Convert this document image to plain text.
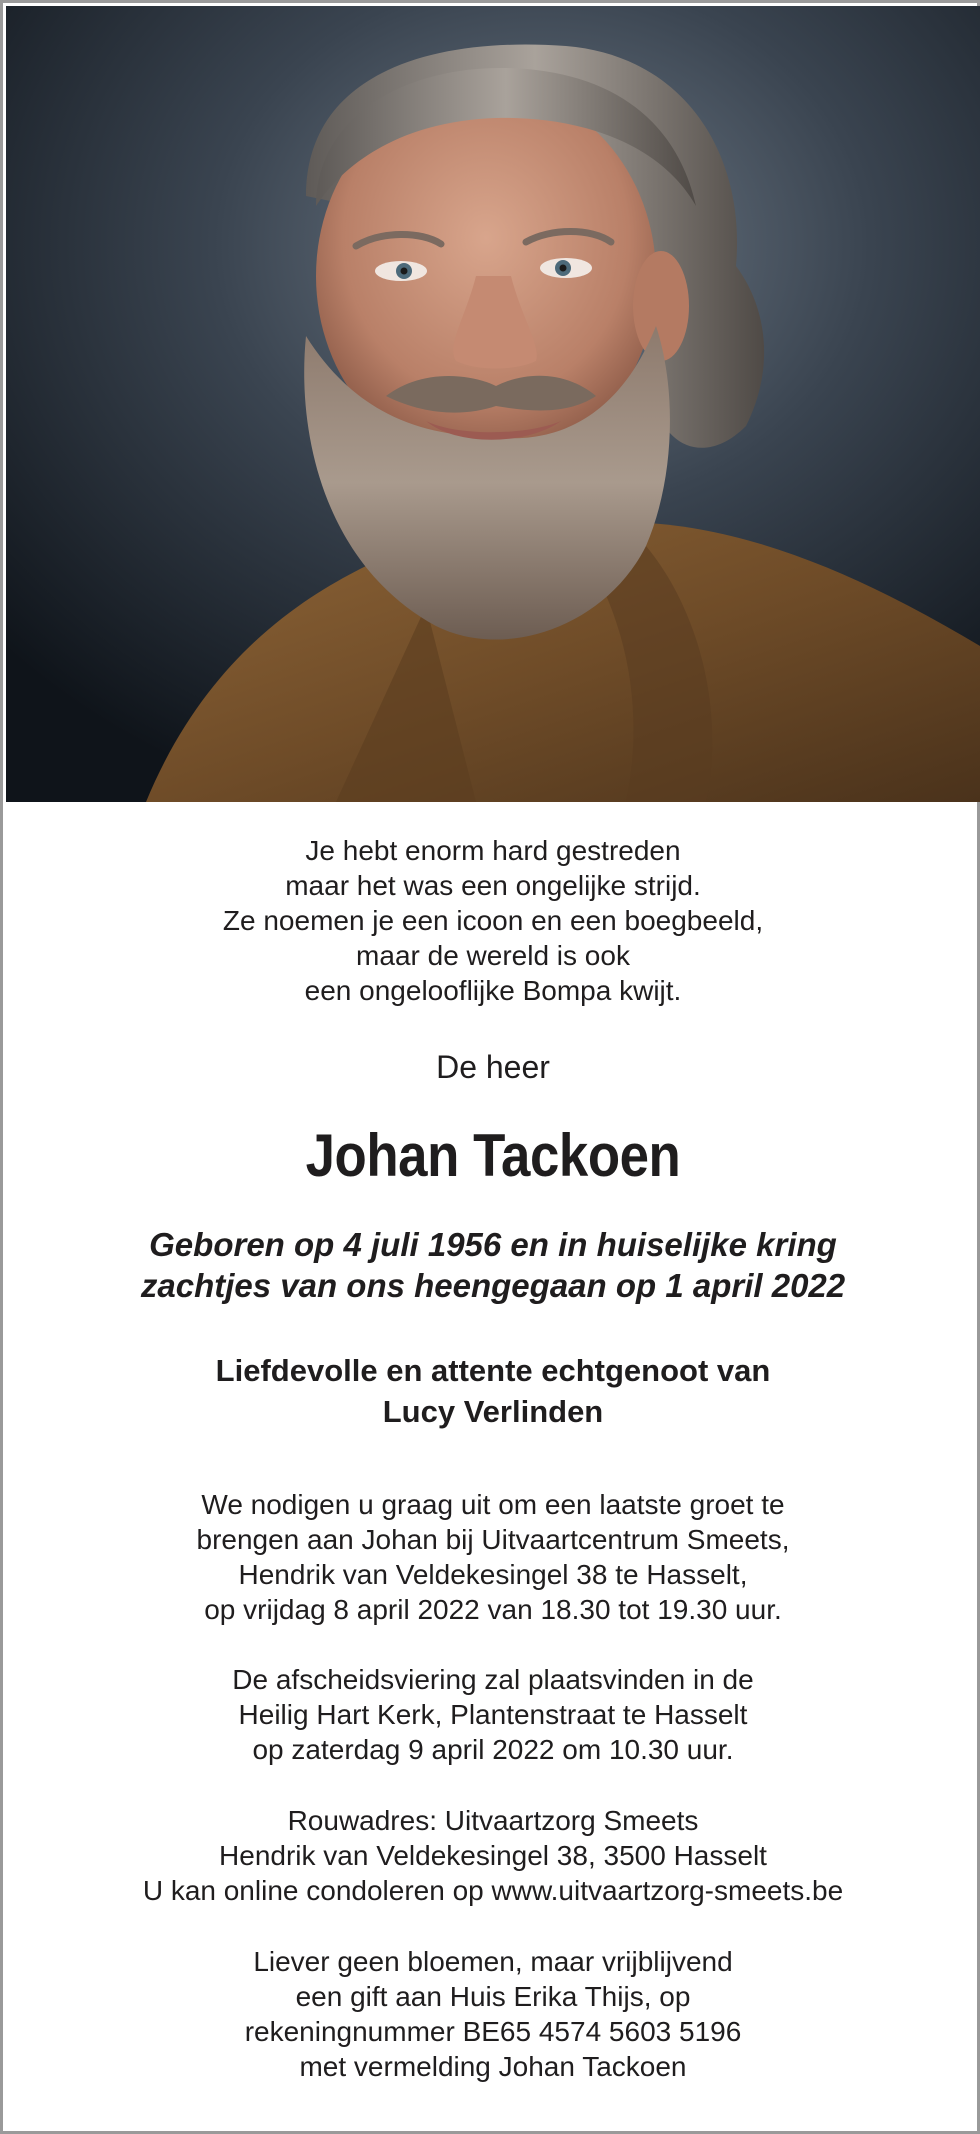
Je hebt enorm hard gestreden
maar het was een ongelijke strijd.
Ze noemen je een icoon en een boegbeeld,
maar de wereld is ook
een ongelooflijke Bompa kwijt.
De heer
Johan Tackoen
Geboren op 4 juli 1956 en in huiselijke kring
zachtjes van ons heengegaan op 1 april 2022
Liefdevolle en attente echtgenoot van
Lucy Verlinden
We nodigen u graag uit om een laatste groet te
brengen aan Johan bij Uitvaartcentrum Smeets,
Hendrik van Veldekesingel 38 te Hasselt,
op vrijdag 8 april 2022 van 18.30 tot 19.30 uur.
De afscheidsviering zal plaatsvinden in de
Heilig Hart Kerk, Plantenstraat te Hasselt
op zaterdag 9 april 2022 om 10.30 uur.
Rouwadres: Uitvaartzorg Smeets
Hendrik van Veldekesingel 38, 3500 Hasselt
U kan online condoleren op www.uitvaartzorg-smeets.be
Liever geen bloemen, maar vrijblijvend
een gift aan Huis Erika Thijs, op
rekeningnummer BE65 4574 5603 5196
met vermelding Johan Tackoen
